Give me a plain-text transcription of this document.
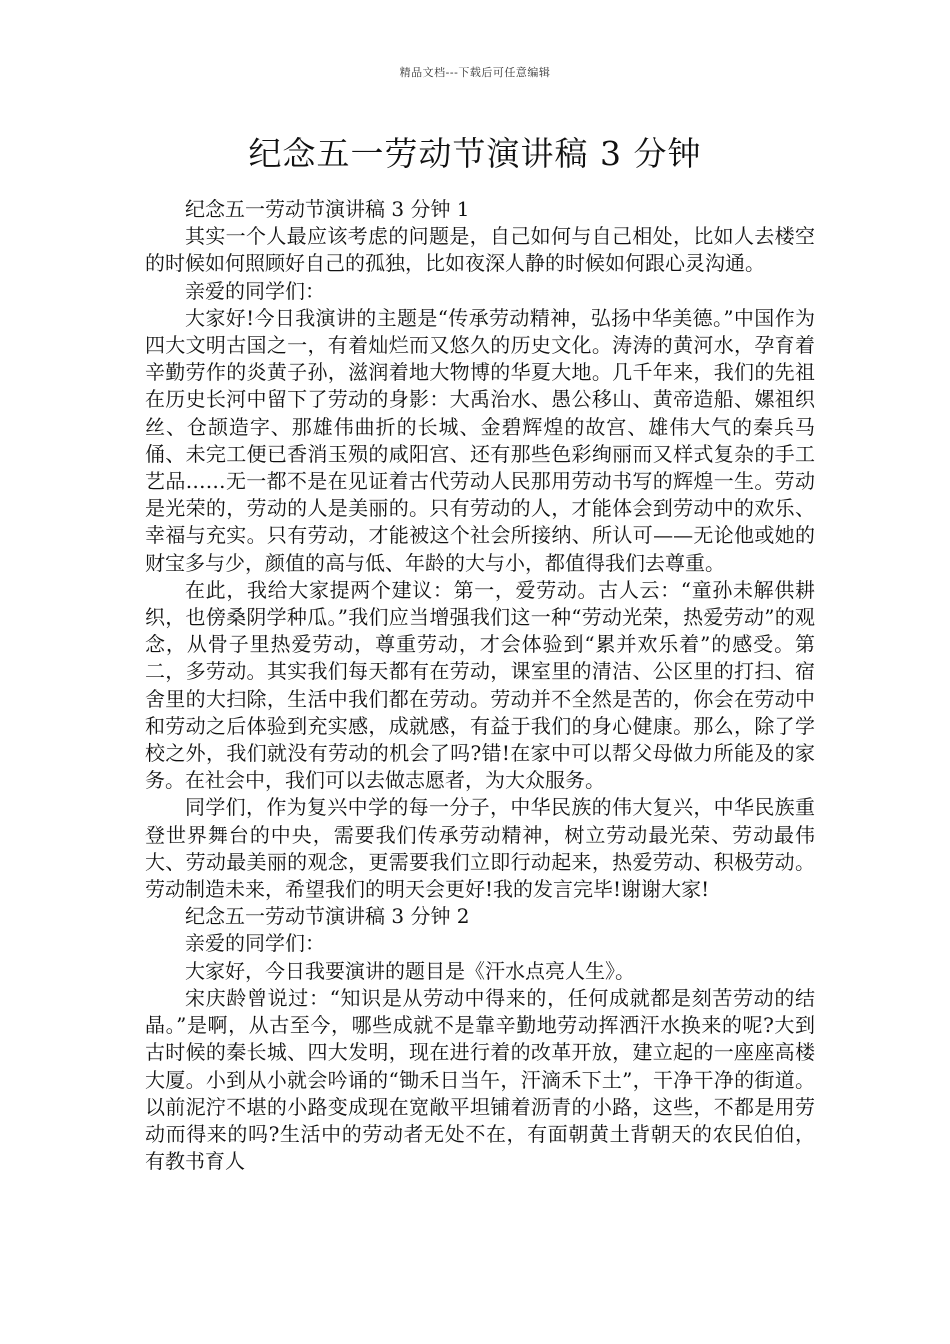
精品文档---下载后可任意编辑
纪念五一劳动节演讲稿 3 分钟

纪念五一劳动节演讲稿 3 分钟 1

其实一个人最应该考虑的问题是，自己如何与自己相处，比如人去楼空的时候如何照顾好自己的孤独，比如夜深人静的时候如何跟心灵沟通。

亲爱的同学们：

大家好!今日我演讲的主题是“传承劳动精神，弘扬中华美德。”中国作为四大文明古国之一，有着灿烂而又悠久的历史文化。涛涛的黄河水，孕育着辛勤劳作的炎黄子孙，滋润着地大物博的华夏大地。几千年来，我们的先祖在历史长河中留下了劳动的身影：大禹治水、愚公移山、黄帝造船、嫘祖织丝、仓颉造字、那雄伟曲折的长城、金碧辉煌的故宫、雄伟大气的秦兵马俑、未完工便已香消玉殒的咸阳宫、还有那些色彩绚丽而又样式复杂的手工艺品……无一都不是在见证着古代劳动人民那用劳动书写的辉煌一生。劳动是光荣的，劳动的人是美丽的。只有劳动的人，才能体会到劳动中的欢乐、幸福与充实。只有劳动，才能被这个社会所接纳、所认可——无论他或她的财宝多与少，颜值的高与低、年龄的大与小，都值得我们去尊重。

在此，我给大家提两个建议：第一，爱劳动。古人云：“童孙未解供耕织，也傍桑阴学种瓜。”我们应当增强我们这一种“劳动光荣，热爱劳动”的观念，从骨子里热爱劳动，尊重劳动，才会体验到“累并欢乐着”的感受。第二，多劳动。其实我们每天都有在劳动，课室里的清洁、公区里的打扫、宿舍里的大扫除，生活中我们都在劳动。劳动并不全然是苦的，你会在劳动中和劳动之后体验到充实感，成就感，有益于我们的身心健康。那么，除了学校之外，我们就没有劳动的机会了吗?错!在家中可以帮父母做力所能及的家务。在社会中，我们可以去做志愿者，为大众服务。

同学们，作为复兴中学的每一分子，中华民族的伟大复兴，中华民族重登世界舞台的中央，需要我们传承劳动精神，树立劳动最光荣、劳动最伟大、劳动最美丽的观念，更需要我们立即行动起来，热爱劳动、积极劳动。劳动制造未来，希望我们的明天会更好!我的发言完毕!谢谢大家!

纪念五一劳动节演讲稿 3 分钟 2

亲爱的同学们：

大家好，今日我要演讲的题目是《汗水点亮人生》。

宋庆龄曾说过：“知识是从劳动中得来的，任何成就都是刻苦劳动的结晶。”是啊，从古至今，哪些成就不是靠辛勤地劳动挥洒汗水换来的呢?大到古时候的秦长城、四大发明，现在进行着的改革开放，建立起的一座座高楼大厦。小到从小就会吟诵的“锄禾日当午，汗滴禾下土”，干净干净的街道。以前泥泞不堪的小路变成现在宽敞平坦铺着沥青的小路，这些，不都是用劳动而得来的吗?生活中的劳动者无处不在，有面朝黄土背朝天的农民伯伯，有教书育人
